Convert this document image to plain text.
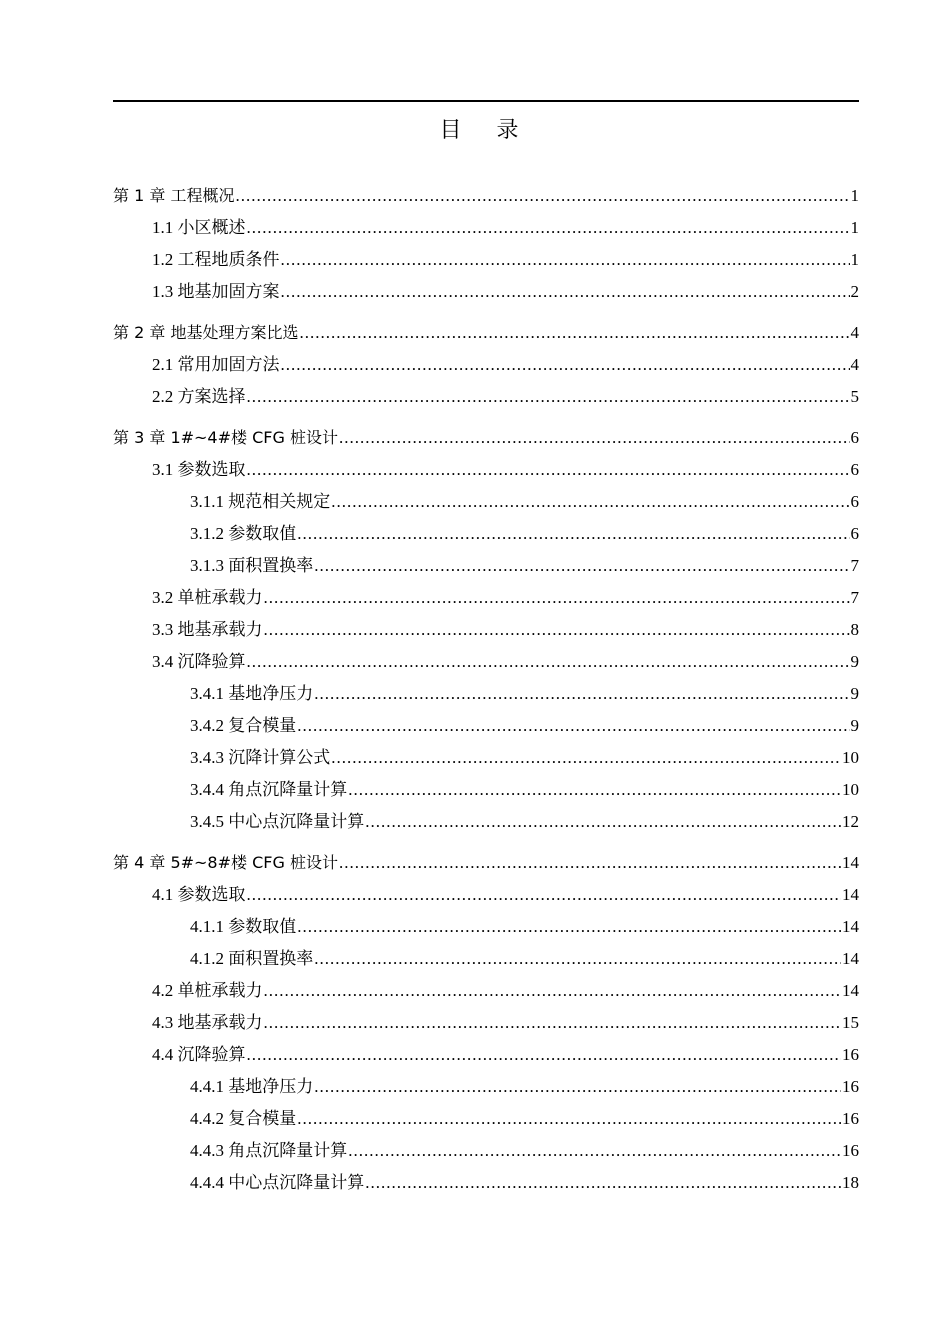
目 录
第 1 章 工程概况 .....	1
1.1 小区概述 .....	1
1.2 工程地质条件 .....	1
1.3 地基加固方案 .....	2
第 2 章 地基处理方案比选 .....	4
2.1 常用加固方法 .....	4
2.2 方案选择 .....	5
第 3 章 1#~4#楼 CFG 桩设计 .....	6
3.1 参数选取 .....	6
3.1.1 规范相关规定 .....	6
3.1.2 参数取值 .....	6
3.1.3 面积置换率 .....	7
3.2 单桩承载力 .....	7
3.3 地基承载力 .....	8
3.4 沉降验算 .....	9
3.4.1 基地净压力 .....	9
3.4.2 复合模量 .....	9
3.4.3 沉降计算公式 .....	10
3.4.4 角点沉降量计算 .....	10
3.4.5 中心点沉降量计算 .....	12
第 4 章 5#~8#楼 CFG 桩设计 .....	14
4.1 参数选取 .....	14
4.1.1 参数取值 .....	14
4.1.2 面积置换率 .....	14
4.2 单桩承载力 .....	14
4.3 地基承载力 .....	15
4.4 沉降验算 .....	16
4.4.1 基地净压力 .....	16
4.4.2 复合模量 .....	16
4.4.3 角点沉降量计算 .....	16
4.4.4 中心点沉降量计算 .....	18
